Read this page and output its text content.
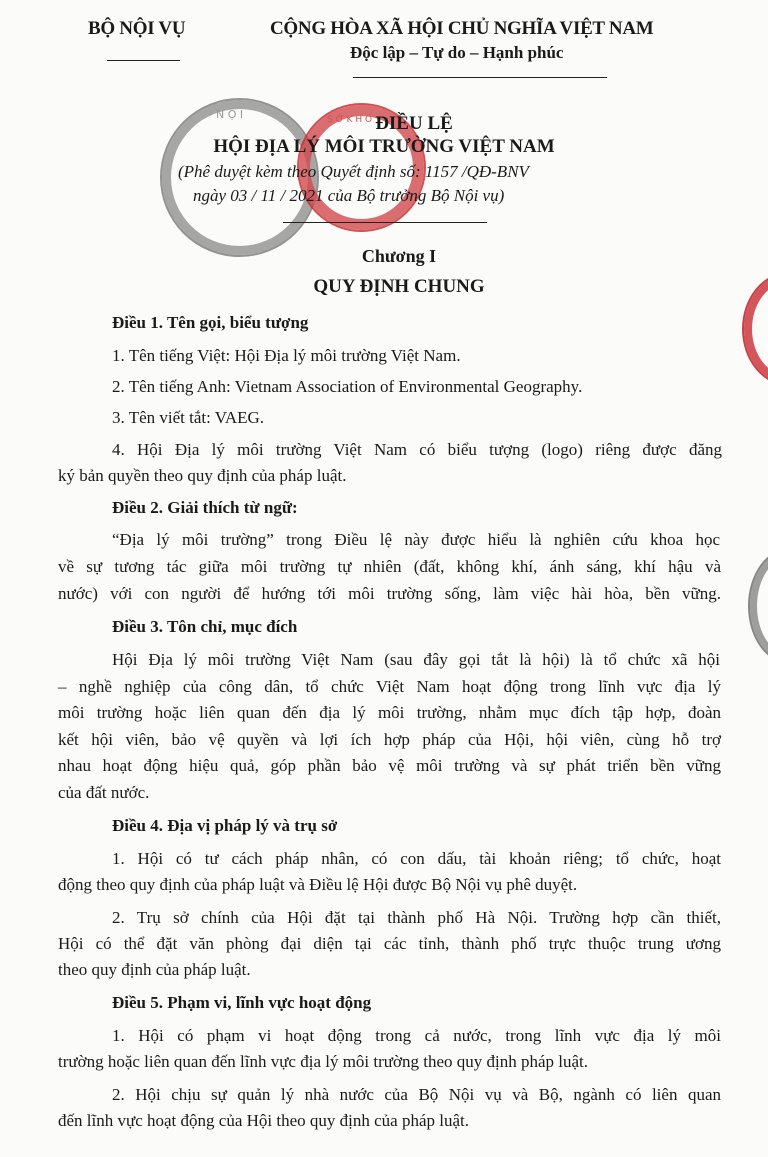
BỘ NỘI VỤ	CỘNG HÒA XÃ HỘI CHỦ NGHĨA VIỆT NAM
Độc lập – Tự do – Hạnh phúc
N Ộ I	S Ở K H O ĐIỀU LỆ
HỘI ĐỊA LÝ MÔI TRƯỜNG VIỆT NAM
(Phê duyệt kèm theo Quyết định số: 1157 /QĐ-BNV
ngày 03 / 11 / 2021 của Bộ trưởng Bộ Nội vụ)
Chương I
QUY ĐỊNH CHUNG
Điều 1. Tên gọi, biểu tượng
1. Tên tiếng Việt: Hội Địa lý môi trường Việt Nam.
2. Tên tiếng Anh: Vietnam Association of Environmental Geography.
3. Tên viết tắt: VAEG.
4. Hội Địa lý môi trường Việt Nam có biểu tượng (logo) riêng được đăng
ký bản quyền theo quy định của pháp luật.
Điều 2. Giải thích từ ngữ:
“Địa lý môi trường” trong Điều lệ này được hiểu là nghiên cứu khoa học
về sự tương tác giữa môi trường tự nhiên (đất, không khí, ánh sáng, khí hậu và
nước) với con người để hướng tới môi trường sống, làm việc hài hòa, bền vững.
Điều 3. Tôn chỉ, mục đích
Hội Địa lý môi trường Việt Nam (sau đây gọi tắt là hội) là tổ chức xã hội
– nghề nghiệp của công dân, tổ chức Việt Nam hoạt động trong lĩnh vực địa lý
môi trường hoặc liên quan đến địa lý môi trường, nhằm mục đích tập hợp, đoàn
kết hội viên, bảo vệ quyền và lợi ích hợp pháp của Hội, hội viên, cùng hỗ trợ
nhau hoạt động hiệu quả, góp phần bảo vệ môi trường và sự phát triển bền vững
của đất nước.
Điều 4. Địa vị pháp lý và trụ sở
1. Hội có tư cách pháp nhân, có con dấu, tài khoản riêng; tổ chức, hoạt
động theo quy định của pháp luật và Điều lệ Hội được Bộ Nội vụ phê duyệt.
2. Trụ sở chính của Hội đặt tại thành phố Hà Nội. Trường hợp cần thiết,
Hội có thể đặt văn phòng đại diện tại các tỉnh, thành phố trực thuộc trung ương
theo quy định của pháp luật.
Điều 5. Phạm vi, lĩnh vực hoạt động
1. Hội có phạm vi hoạt động trong cả nước, trong lĩnh vực địa lý môi
trường hoặc liên quan đến lĩnh vực địa lý môi trường theo quy định pháp luật.
2. Hội chịu sự quản lý nhà nước của Bộ Nội vụ và Bộ, ngành có liên quan
đến lĩnh vực hoạt động của Hội theo quy định của pháp luật.
